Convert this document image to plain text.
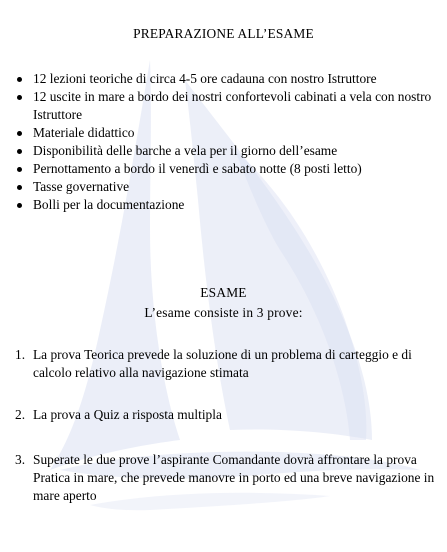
PREPARAZIONE ALL’ESAME
12 lezioni teoriche di circa 4-5 ore cadauna con nostro Istruttore
12 uscite in mare a bordo dei nostri confortevoli cabinati a vela con nostro Istruttore
Materiale didattico
Disponibilità delle barche a vela per il giorno dell’esame
Pernottamento a bordo il venerdì e sabato notte (8 posti letto)
Tasse governative
Bolli per la documentazione
ESAME
L’esame consiste in 3 prove:
1. La prova Teorica prevede la soluzione di un problema di carteggio e di calcolo relativo alla navigazione stimata
2. La prova a Quiz a risposta multipla
3. Superate le due prove l’aspirante Comandante dovrà affrontare la prova Pratica in mare, che prevede manovre in porto ed una breve navigazione in mare aperto
